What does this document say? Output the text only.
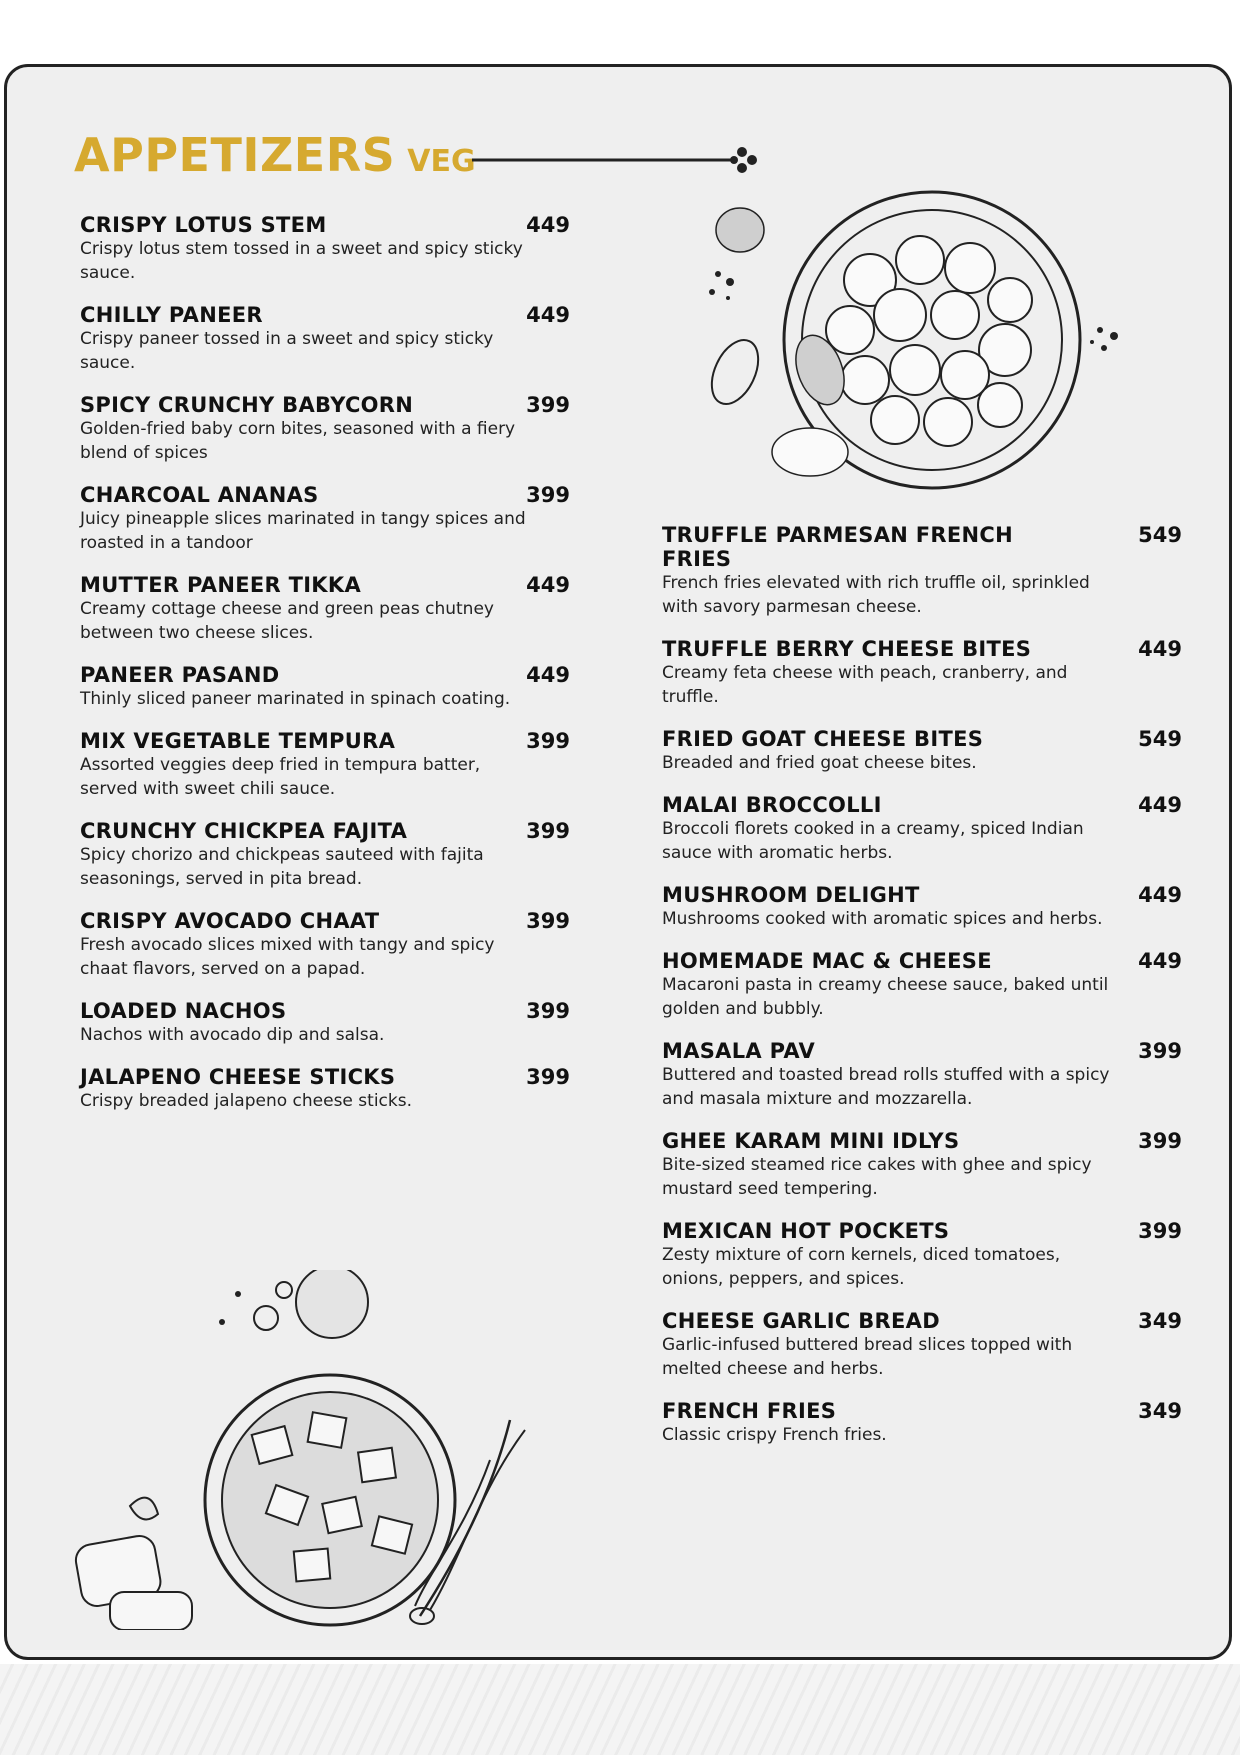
APPETIZERS VEG
CRISPY LOTUS STEM	449
Crispy lotus stem tossed in a sweet and spicy sticky sauce.
CHILLY PANEER	449
Crispy paneer tossed in a sweet and spicy sticky sauce.
SPICY CRUNCHY BABYCORN	399
Golden-fried baby corn bites, seasoned with a fiery blend of spices
CHARCOAL ANANAS	399
Juicy pineapple slices marinated in tangy spices and roasted in a tandoor
MUTTER PANEER TIKKA	449
Creamy cottage cheese and green peas chutney between two cheese slices.
PANEER PASAND	449
Thinly sliced paneer marinated in spinach coating.
MIX VEGETABLE TEMPURA	399
Assorted veggies deep fried in tempura batter, served with sweet chili sauce.
CRUNCHY CHICKPEA FAJITA	399
Spicy chorizo and chickpeas sauteed with fajita seasonings, served in pita bread.
CRISPY AVOCADO CHAAT	399
Fresh avocado slices mixed with tangy and spicy chaat flavors, served on a papad.
LOADED NACHOS	399
Nachos with avocado dip and salsa.
JALAPENO CHEESE STICKS	399
Crispy breaded jalapeno cheese sticks.
TRUFFLE PARMESAN FRENCH FRIES
549
French fries elevated with rich truffle oil, sprinkled with savory parmesan cheese.
TRUFFLE BERRY CHEESE BITES	449
Creamy feta cheese with peach, cranberry, and truffle.
FRIED GOAT CHEESE BITES	549
Breaded and fried goat cheese bites.
MALAI BROCCOLLI	449
Broccoli florets cooked in a creamy, spiced Indian sauce with aromatic herbs.
MUSHROOM DELIGHT	449
Mushrooms cooked with aromatic spices and herbs.
HOMEMADE MAC & CHEESE	449
Macaroni pasta in creamy cheese sauce, baked until golden and bubbly.
MASALA PAV	399
Buttered and toasted bread rolls stuffed with a spicy and masala mixture and mozzarella.
GHEE KARAM MINI IDLYS	399
Bite-sized steamed rice cakes with ghee and spicy mustard seed tempering.
MEXICAN HOT POCKETS	399
Zesty mixture of corn kernels, diced tomatoes, onions, peppers, and spices.
CHEESE GARLIC BREAD	349
Garlic-infused buttered bread slices topped with melted cheese and herbs.
FRENCH FRIES	349
Classic crispy French fries.
